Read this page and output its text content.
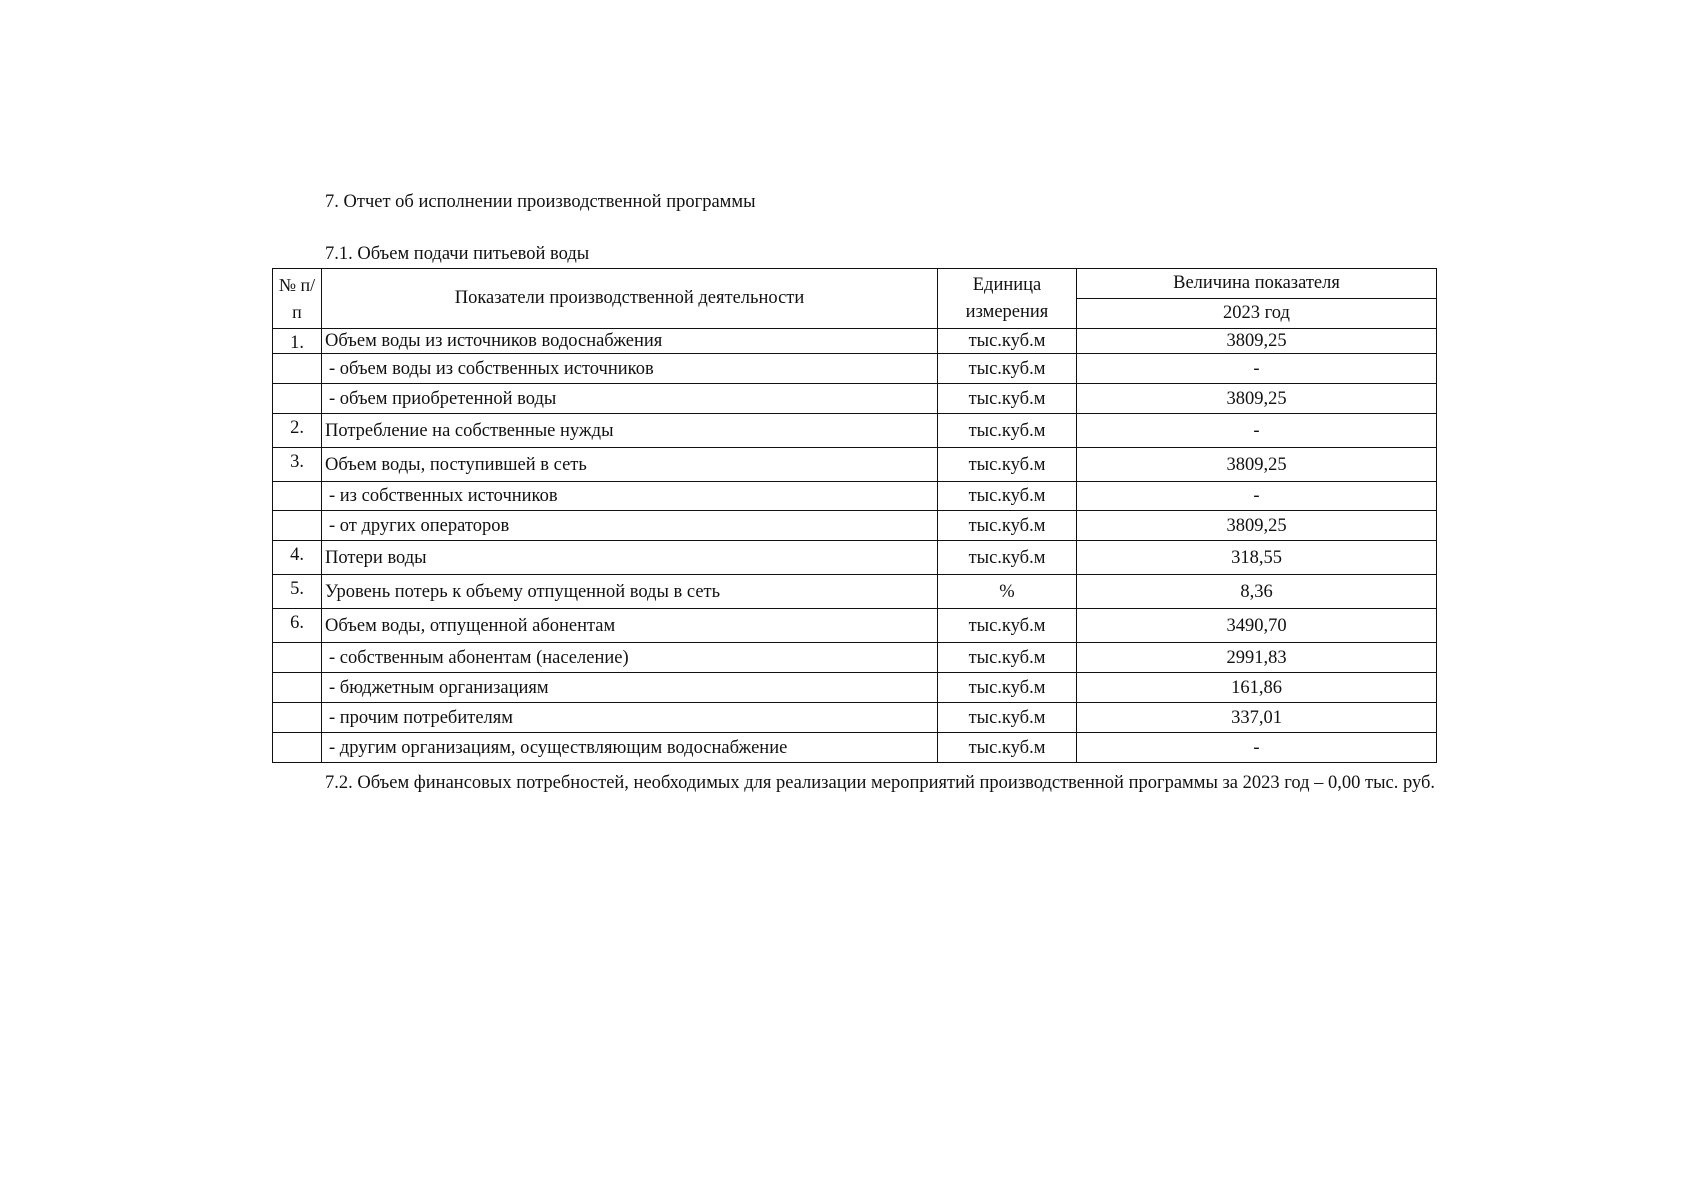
7. Отчет об исполнении производственной программы
7.1. Объем подачи питьевой воды
№ п/п	Показатели производственной деятельности	Единица измерения	Величина показателя
			2023 год
1.	Объем воды из источников водоснабжения	тыс.куб.м	3809,25
	- объем воды из собственных источников	тыс.куб.м	-
	- объем приобретенной воды	тыс.куб.м	3809,25
2.	Потребление на собственные нужды	тыс.куб.м	-
3.	Объем воды, поступившей в сеть	тыс.куб.м	3809,25
	- из собственных источников	тыс.куб.м	-
	- от других операторов	тыс.куб.м	3809,25
4.	Потери воды	тыс.куб.м	318,55
5.	Уровень потерь к объему отпущенной воды в сеть	%	8,36
6.	Объем воды, отпущенной абонентам	тыс.куб.м	3490,70
	- собственным абонентам (население)	тыс.куб.м	2991,83
	- бюджетным организациям	тыс.куб.м	161,86
	- прочим потребителям	тыс.куб.м	337,01
	- другим организациям, осуществляющим водоснабжение	тыс.куб.м	-
7.2. Объем финансовых потребностей, необходимых для реализации мероприятий производственной программы за 2023 год – 0,00 тыс. руб.
